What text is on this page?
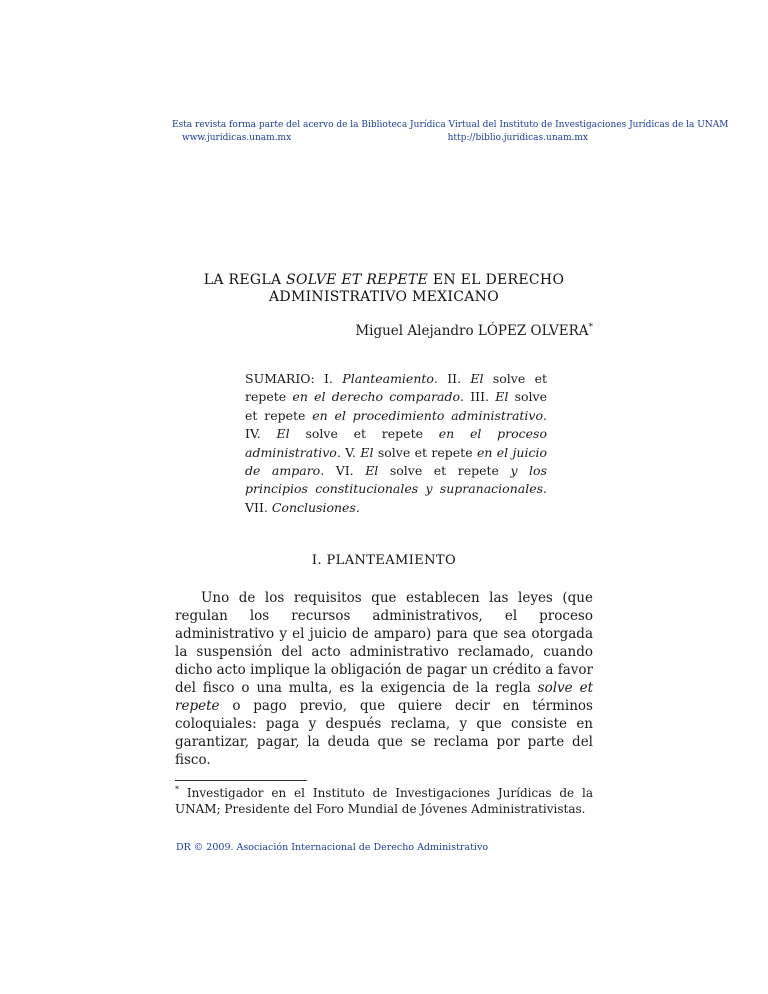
Esta revista forma parte del acervo de la Biblioteca Jurídica Virtual del Instituto de Investigaciones Jurídicas de la UNAM
www.juridicas.unam.mx	http://biblio.juridicas.unam.mx
LA REGLA SOLVE ET REPETE EN EL DERECHO ADMINISTRATIVO MEXICANO
Miguel Alejandro LÓPEZ OLVERA*
SUMARIO: I. Planteamiento. II. El solve et repete en el derecho comparado. III. El solve et repete en el procedimiento administrativo. IV. El solve et repete en el proceso administrativo. V. El solve et repete en el juicio de amparo. VI. El solve et repete y los principios constitucionales y supranacionales. VII. Conclusiones.
I. PLANTEAMIENTO

Uno de los requisitos que establecen las leyes (que regulan los recursos administrativos, el proceso administrativo y el juicio de amparo) para que sea otorgada la suspensión del acto administrativo reclamado, cuando dicho acto implique la obligación de pagar un crédito a favor del fisco o una multa, es la exigencia de la regla solve et repete o pago previo, que quiere decir en términos coloquiales: paga y después reclama, y que consiste en garantizar, pagar, la deuda que se reclama por parte del fisco.

* Investigador en el Instituto de Investigaciones Jurídicas de la UNAM; Presidente del Foro Mundial de Jóvenes Administrativistas.

DR © 2009. Asociación Internacional de Derecho Administrativo
